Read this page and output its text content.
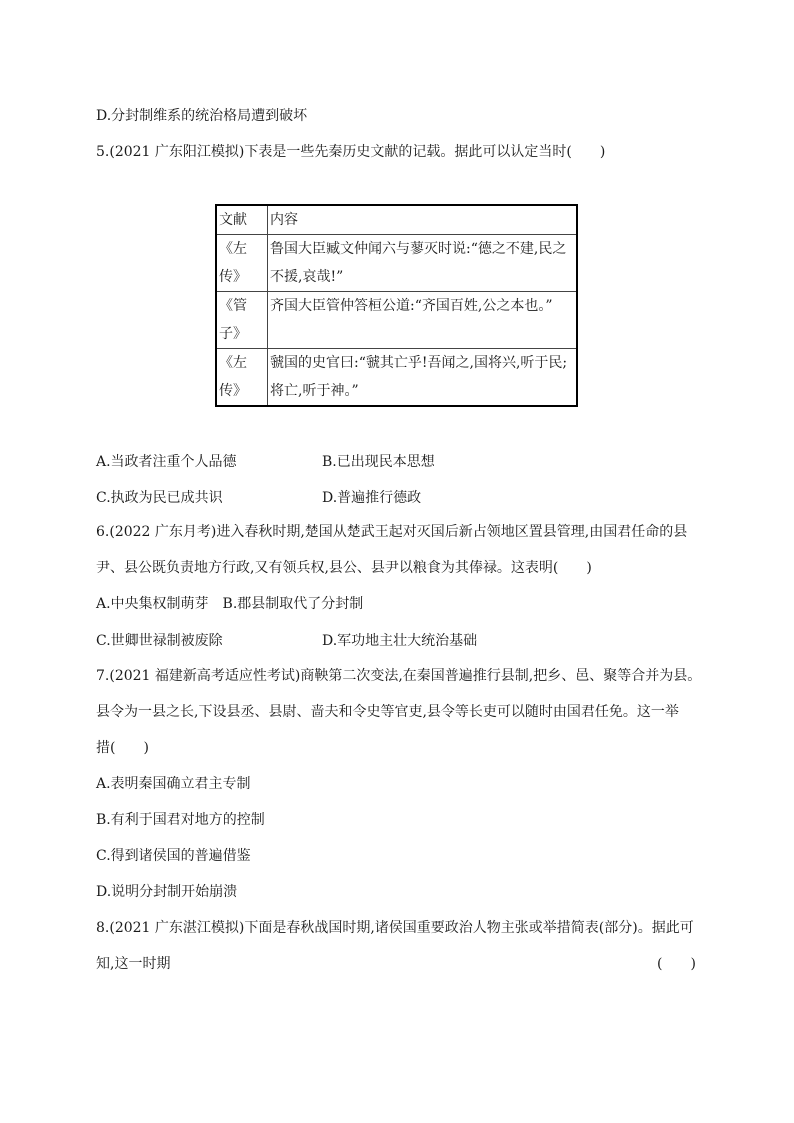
D.分封制维系的统治格局遭到破坏
5.(2021 广东阳江模拟)下表是一些先秦历史文献的记载。据此可以认定当时(　　)
文献	内容
《左传》	鲁国大臣臧文仲闻六与蓼灭时说:“德之不建,民之不援,哀哉!”
《管子》	齐国大臣管仲答桓公道:“齐国百姓,公之本也。”
《左传》	虢国的史官曰:“虢其亡乎!吾闻之,国将兴,听于民;将亡,听于神。”
A.当政者注重个人品德	B.已出现民本思想
C.执政为民已成共识	D.普遍推行德政
6.(2022 广东月考)进入春秋时期,楚国从楚武王起对灭国后新占领地区置县管理,由国君任命的县
尹、县公既负责地方行政,又有领兵权,县公、县尹以粮食为其俸禄。这表明(　　)
A.中央集权制萌芽　B.郡县制取代了分封制
C.世卿世禄制被废除	D.军功地主壮大统治基础
7.(2021 福建新高考适应性考试)商鞅第二次变法,在秦国普遍推行县制,把乡、邑、聚等合并为县。
县令为一县之长,下设县丞、县尉、啬夫和令史等官吏,县令等长吏可以随时由国君任免。这一举
措(　　)
A.表明秦国确立君主专制
B.有利于国君对地方的控制
C.得到诸侯国的普遍借鉴
D.说明分封制开始崩溃
8.(2021 广东湛江模拟)下面是春秋战国时期,诸侯国重要政治人物主张或举措简表(部分)。据此可
知,这一时期	(　　)
